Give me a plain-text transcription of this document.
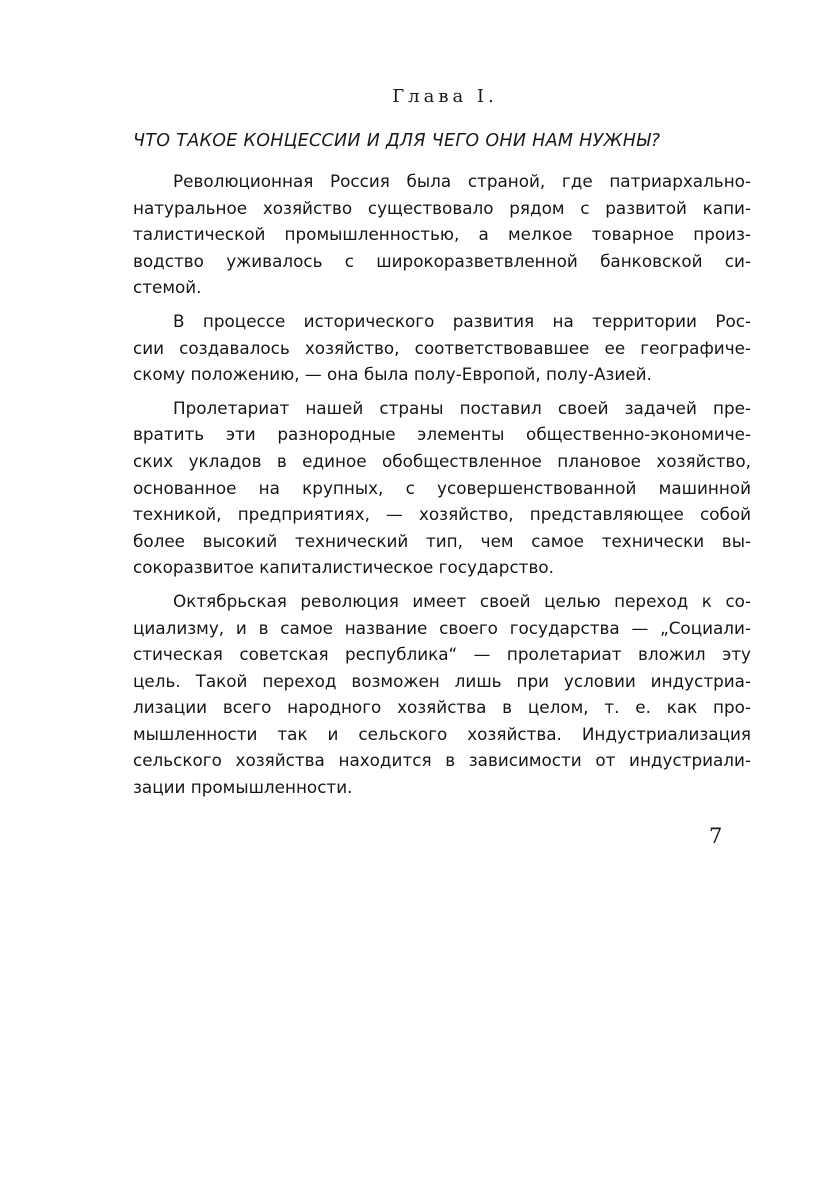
Глава I.
ЧТО ТАКОЕ КОНЦЕССИИ И ДЛЯ ЧЕГО ОНИ НАМ НУЖНЫ?
Революционная Россия была страной, где патриархально-
натуральное хозяйство существовало рядом с развитой капи-
талистической промышленностью, а мелкое товарное произ-
водство уживалось с широкоразветвленной банковской си-
стемой.
В процессе исторического развития на территории Рос-
сии создавалось хозяйство, соответствовавшее ее географиче-
скому положению, — она была полу-Европой, полу-Азией.
Пролетариат нашей страны поставил своей задачей пре-
вратить эти разнородные элементы общественно-экономиче-
ских укладов в единое обобществленное плановое хозяйство,
основанное на крупных, с усовершенствованной машинной
техникой, предприятиях, — хозяйство, представляющее собой
более высокий технический тип, чем самое технически вы-
сокоразвитое капиталистическое государство.
Октябрьская революция имеет своей целью переход к со-
циализму, и в самое название своего государства — „Социали-
стическая советская республика“ — пролетариат вложил эту
цель. Такой переход возможен лишь при условии индустриа-
лизации всего народного хозяйства в целом, т. е. как про-
мышленности так и сельского хозяйства. Индустриализация
сельского хозяйства находится в зависимости от индустриали-
зации промышленности.
7
